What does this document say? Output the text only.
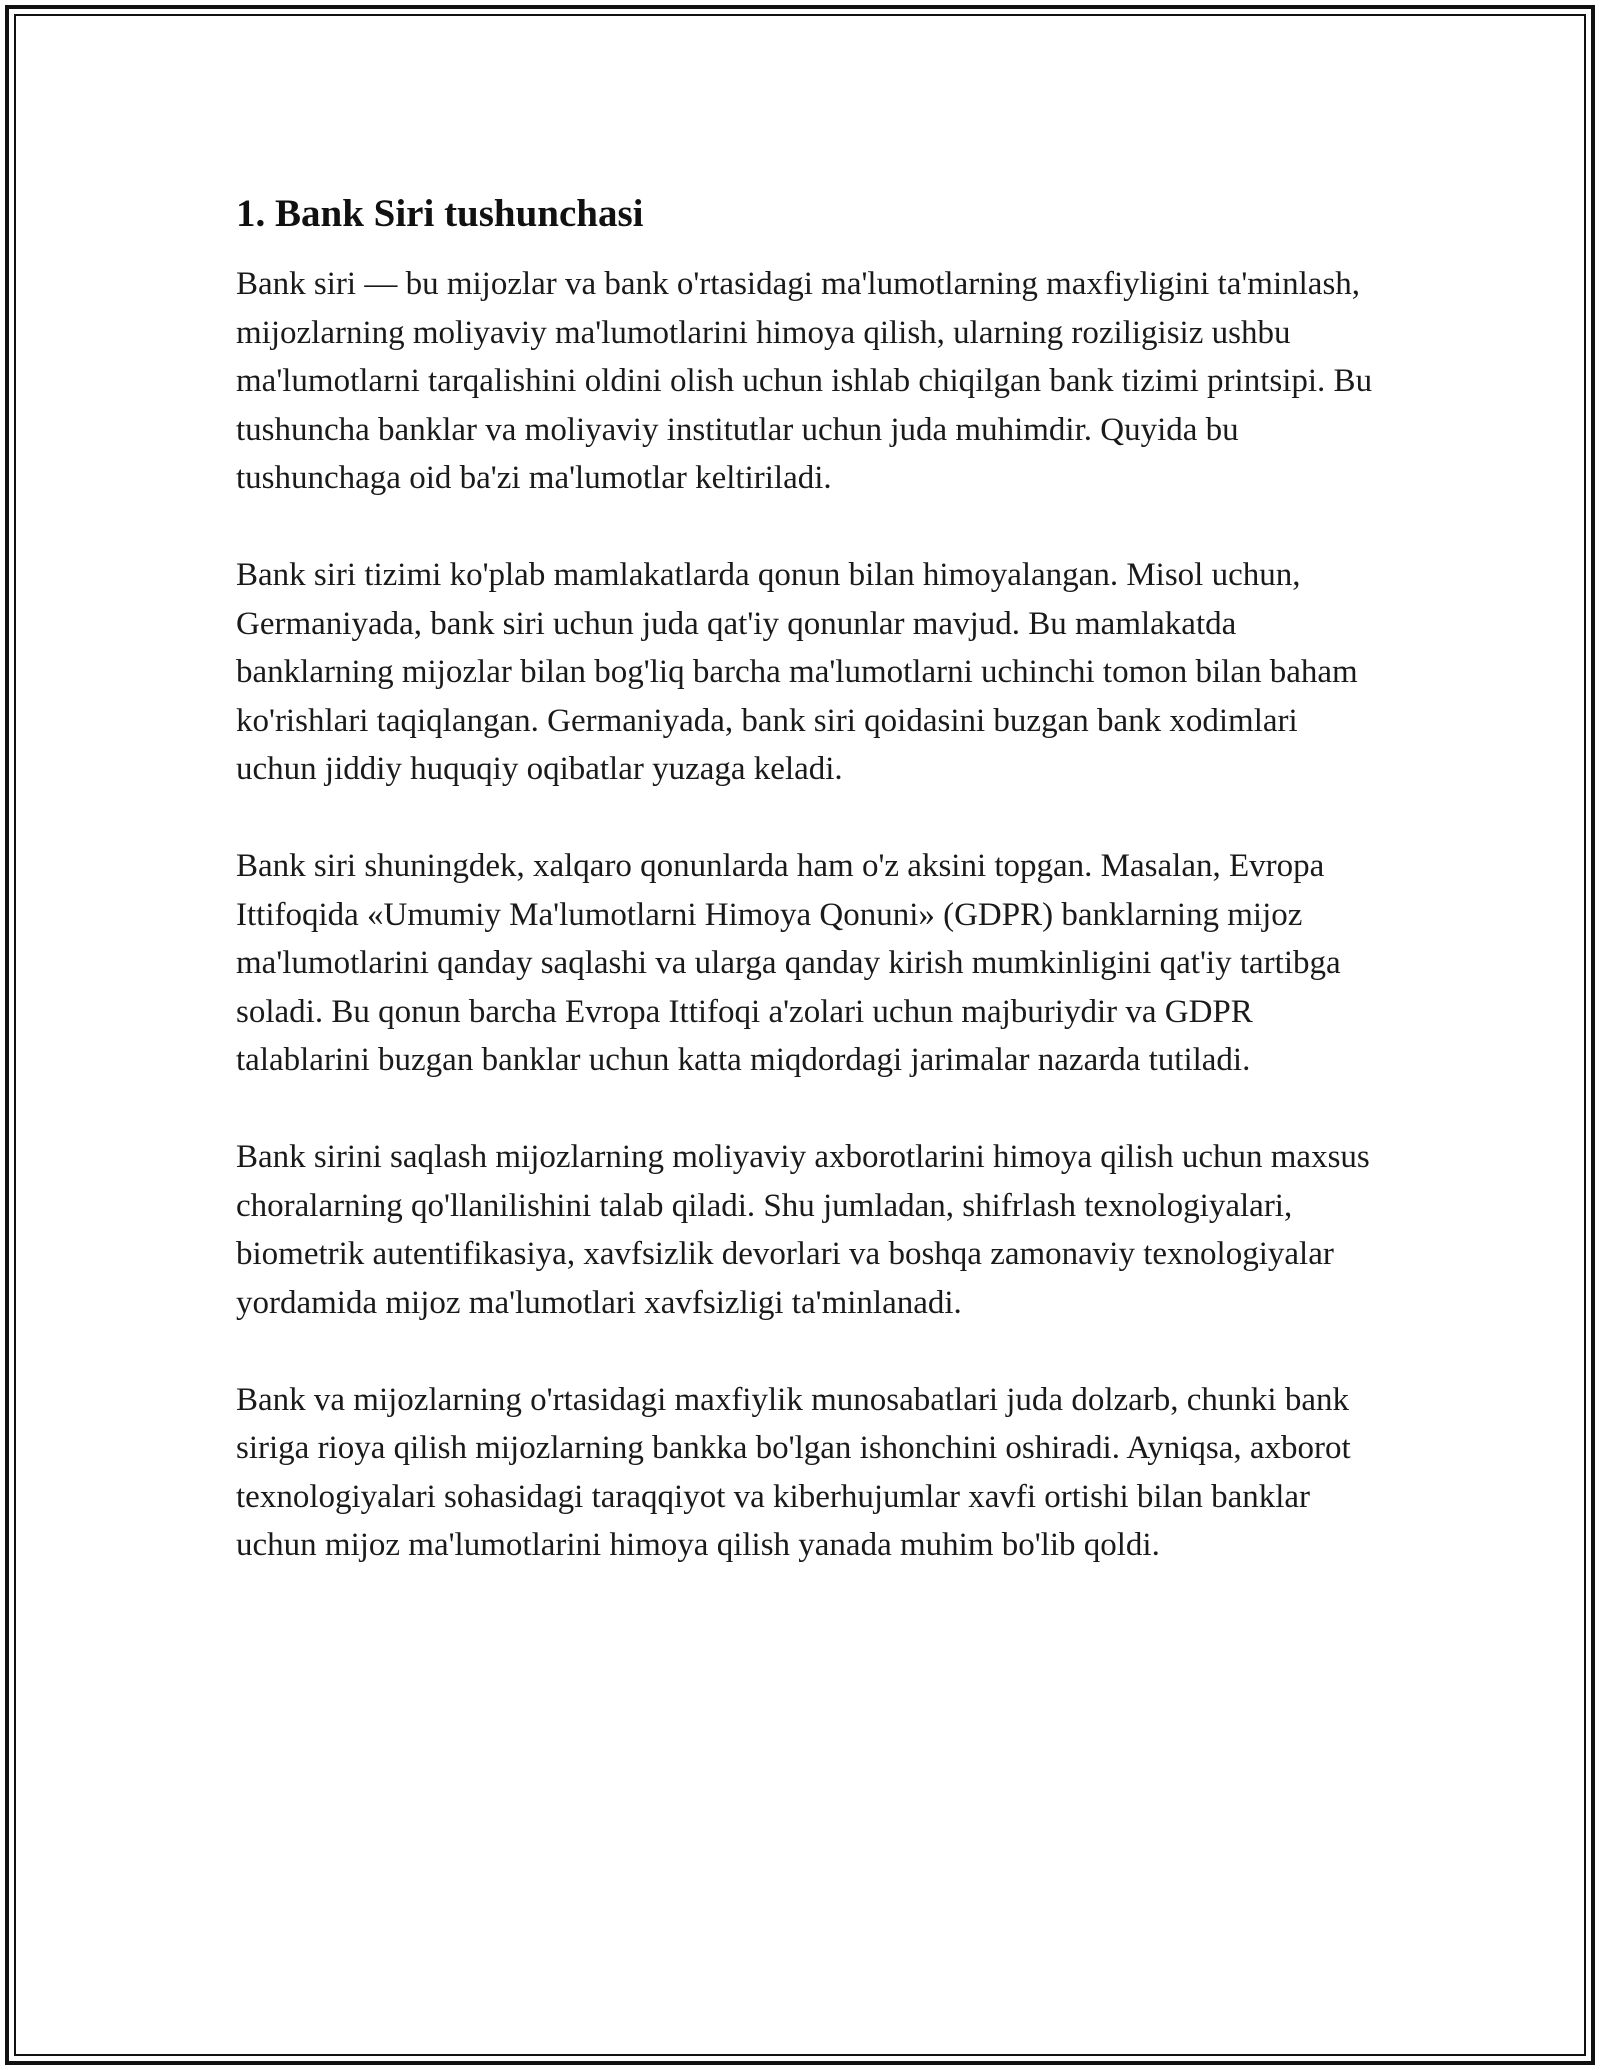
1. Bank Siri tushunchasi

Bank siri — bu mijozlar va bank o'rtasidagi ma'lumotlarning maxfiyligini ta'minlash, mijozlarning moliyaviy ma'lumotlarini himoya qilish, ularning roziligisiz ushbu ma'lumotlarni tarqalishini oldini olish uchun ishlab chiqilgan bank tizimi printsipi. Bu tushuncha banklar va moliyaviy institutlar uchun juda muhimdir. Quyida bu tushunchaga oid ba'zi ma'lumotlar keltiriladi.

Bank siri tizimi ko'plab mamlakatlarda qonun bilan himoyalangan. Misol uchun, Germaniyada, bank siri uchun juda qat'iy qonunlar mavjud. Bu mamlakatda banklarning mijozlar bilan bog'liq barcha ma'lumotlarni uchinchi tomon bilan baham ko'rishlari taqiqlangan. Germaniyada, bank siri qoidasini buzgan bank xodimlari uchun jiddiy huquqiy oqibatlar yuzaga keladi.

Bank siri shuningdek, xalqaro qonunlarda ham o'z aksini topgan. Masalan, Evropa Ittifoqida «Umumiy Ma'lumotlarni Himoya Qonuni» (GDPR) banklarning mijoz ma'lumotlarini qanday saqlashi va ularga qanday kirish mumkinligini qat'iy tartibga soladi. Bu qonun barcha Evropa Ittifoqi a'zolari uchun majburiydir va GDPR talablarini buzgan banklar uchun katta miqdordagi jarimalar nazarda tutiladi.

Bank sirini saqlash mijozlarning moliyaviy axborotlarini himoya qilish uchun maxsus choralarning qo'llanilishini talab qiladi. Shu jumladan, shifrlash texnologiyalari, biometrik autentifikasiya, xavfsizlik devorlari va boshqa zamonaviy texnologiyalar yordamida mijoz ma'lumotlari xavfsizligi ta'minlanadi.

Bank va mijozlarning o'rtasidagi maxfiylik munosabatlari juda dolzarb, chunki bank siriga rioya qilish mijozlarning bankka bo'lgan ishonchini oshiradi. Ayniqsa, axborot texnologiyalari sohasidagi taraqqiyot va kiberhujumlar xavfi ortishi bilan banklar uchun mijoz ma'lumotlarini himoya qilish yanada muhim bo'lib qoldi.
